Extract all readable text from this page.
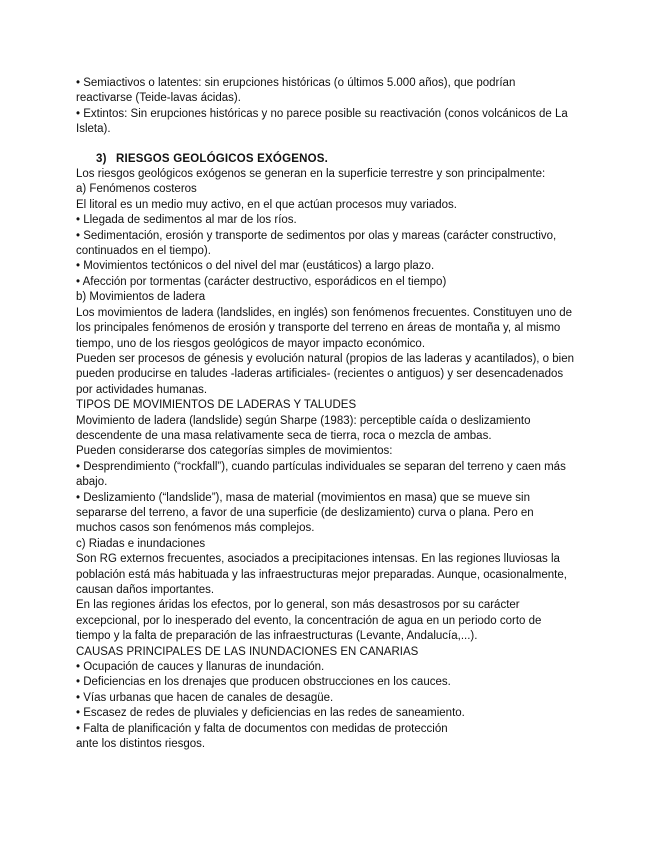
• Semiactivos o latentes: sin erupciones históricas (o últimos 5.000 años), que podrían reactivarse (Teide-lavas ácidas).

• Extintos: Sin erupciones históricas y no parece posible su reactivación (conos volcánicos de La Isleta).

3) RIESGOS GEOLÓGICOS EXÓGENOS.

Los riesgos geológicos exógenos se generan en la superficie terrestre y son principalmente:

a) Fenómenos costeros

El litoral es un medio muy activo, en el que actúan procesos muy variados.

• Llegada de sedimentos al mar de los ríos.

• Sedimentación, erosión y transporte de sedimentos por olas y mareas (carácter constructivo, continuados en el tiempo).

• Movimientos tectónicos o del nivel del mar (eustáticos) a largo plazo.

• Afección por tormentas (carácter destructivo, esporádicos en el tiempo)

b) Movimientos de ladera

Los movimientos de ladera (landslides, en inglés) son fenómenos frecuentes. Constituyen uno de los principales fenómenos de erosión y transporte del terreno en áreas de montaña y, al mismo tiempo, uno de los riesgos geológicos de mayor impacto económico.

Pueden ser procesos de génesis y evolución natural (propios de las laderas y acantilados), o bien pueden producirse en taludes -laderas artificiales- (recientes o antiguos) y ser desencadenados por actividades humanas.

TIPOS DE MOVIMIENTOS DE LADERAS Y TALUDES

Movimiento de ladera (landslide) según Sharpe (1983): perceptible caída o deslizamiento descendente de una masa relativamente seca de tierra, roca o mezcla de ambas.

Pueden considerarse dos categorías simples de movimientos:

• Desprendimiento (“rockfall”), cuando partículas individuales se separan del terreno y caen más abajo.

• Deslizamiento (“landslide”), masa de material (movimientos en masa) que se mueve sin separarse del terreno, a favor de una superficie (de deslizamiento) curva o plana. Pero en muchos casos son fenómenos más complejos.

c) Riadas e inundaciones

Son RG externos frecuentes, asociados a precipitaciones intensas. En las regiones lluviosas la población está más habituada y las infraestructuras mejor preparadas. Aunque, ocasionalmente, causan daños importantes.

En las regiones áridas los efectos, por lo general, son más desastrosos por su carácter excepcional, por lo inesperado del evento, la concentración de agua en un periodo corto de tiempo y la falta de preparación de las infraestructuras (Levante, Andalucía,...).

CAUSAS PRINCIPALES DE LAS INUNDACIONES EN CANARIAS

• Ocupación de cauces y llanuras de inundación.

• Deficiencias en los drenajes que producen obstrucciones en los cauces.

• Vías urbanas que hacen de canales de desagüe.

• Escasez de redes de pluviales y deficiencias en las redes de saneamiento.

• Falta de planificación y falta de documentos con medidas de protección

ante los distintos riesgos.
